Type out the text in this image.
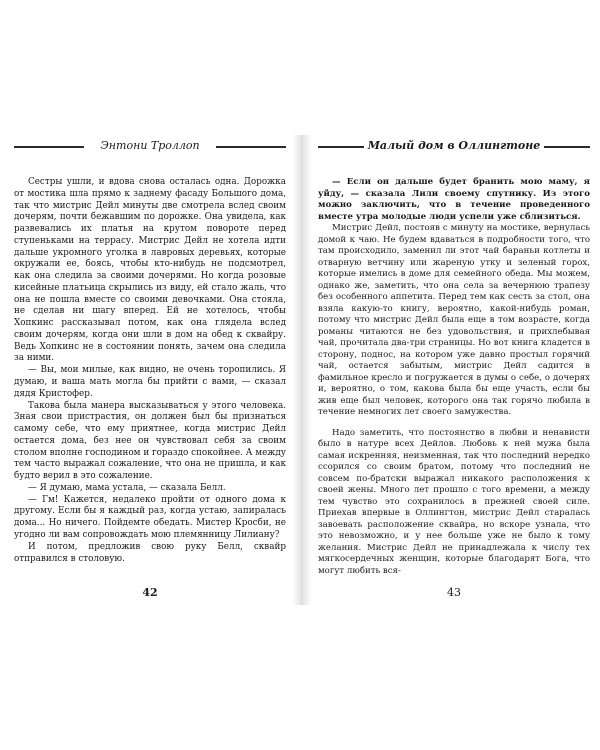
Энтони Троллоп

Сестры ушли, и вдова снова осталась одна. Дорожка от мостика шла прямо к заднему фасаду Большого дома, так что мистрис Дейл минуты две смотрела вслед своим дочерям, почти бежавшим по дорожке. Она увидела, как развевались их платья на крутом повороте перед ступеньками на террасу. Мистрис Дейл не хотела идти дальше укромного уголка в лавровых деревьях, которые окружали ее, боясь, чтобы кто-нибудь не подсмотрел, как она следила за своими дочерями. Но когда розовые кисейные платьица скрылись из виду, ей стало жаль, что она не пошла вместе со своими девочками. Она стояла, не сделав ни шагу вперед. Ей не хотелось, чтобы Хопкинс рассказывал потом, как она глядела вслед своим дочерям, когда они шли в дом на обед к сквайру. Ведь Хопкинс не в состоянии понять, зачем она следила за ними.

— Вы, мои милые, как видно, не очень торопились. Я думаю, и ваша мать могла бы прийти с вами, — сказал дядя Кристофер.

Такова была манера высказываться у этого человека. Зная свои пристрастия, он должен был бы признаться самому себе, что ему приятнее, когда мистрис Дейл остается дома, без нее он чувствовал себя за своим столом вполне господином и гораздо спокойнее. А между тем часто выражал сожаление, что она не пришла, и как будто верил в это сожаление.

— Я думаю, мама устала, — сказала Белл.

— Гм! Кажется, недалеко пройти от одного дома к другому. Если бы я каждый раз, когда устаю, запиралась дома... Но ничего. Пойдемте обедать. Мистер Кросби, не угодно ли вам сопровождать мою племянницу Лилиану?

И потом, предложив свою руку Белл, сквайр отправился в столовую.

42
Малый дом в Оллингтоне

— Если он дальше будет бранить мою маму, я уйду, — сказала Лили своему спутнику. Из этого можно заключить, что в течение проведенного вместе утра молодые люди успели уже сблизиться.

Мистрис Дейл, постояв с минуту на мостике, вернулась домой к чаю. Не будем вдаваться в подробности того, что там происходило, заменил ли этот чай бараньи котлеты и отварную ветчину или жареную утку и зеленый горох, которые имелись в доме для семейного обеда. Мы можем, однако же, заметить, что она села за вечернюю трапезу без особенного аппетита. Перед тем как сесть за стол, она взяла какую-то книгу, вероятно, какой-нибудь роман, потому что мистрис Дейл была еще в том возрасте, когда романы читаются не без удовольствия, и прихлебывая чай, прочитала два-три страницы. Но вот книга кладется в сторону, поднос, на котором уже давно простыл горячий чай, остается забытым, мистрис Дейл садится в фамильное кресло и погружается в думы о себе, о дочерях и, вероятно, о том, какова была бы еще участь, если бы жив еще был человек, которого она так горячо любила в течение немногих лет своего замужества.

Надо заметить, что постоянство в любви и ненависти было в натуре всех Дейлов. Любовь к ней мужа была самая искренняя, неизменная, так что последний нередко ссорился со своим братом, потому что последний не совсем по-братски выражал никакого расположения к своей жены. Много лет прошло с того времени, а между тем чувство это сохранилось в прежней своей силе. Приехав впервые в Оллингтон, мистрис Дейл старалась завоевать расположение сквайра, но вскоре узнала, что это невозможно, и у нее больше уже не было к тому желания. Мистрис Дейл не принадлежала к числу тех мягкосердечных женщин, которые благодарят Бога, что могут любить вся-

43
